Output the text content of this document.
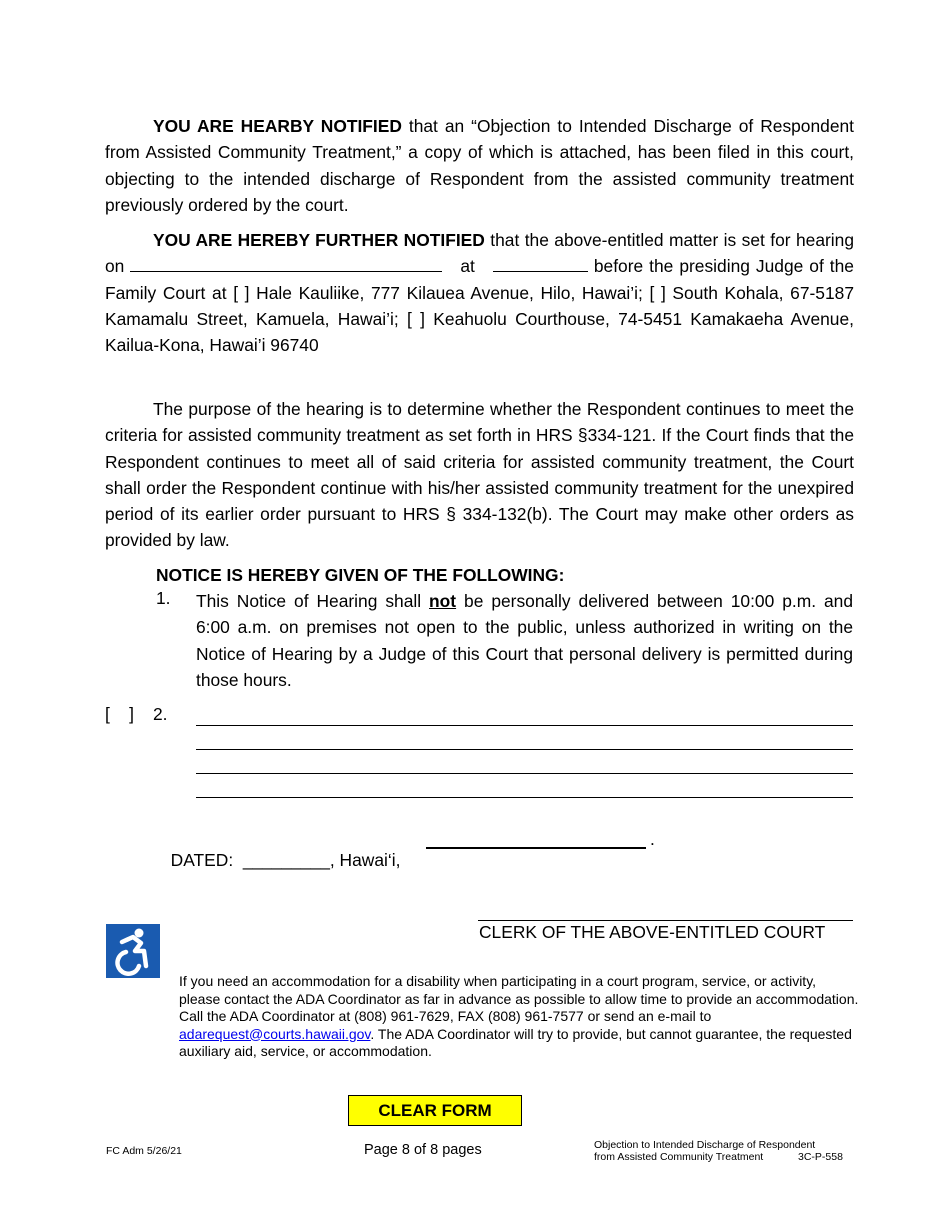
YOU ARE HEARBY NOTIFIED that an “Objection to Intended Discharge of Respondent from Assisted Community Treatment,” a copy of which is attached, has been filed in this court, objecting to the intended discharge of Respondent from the assisted community treatment previously ordered by the court.
YOU ARE HEREBY FURTHER NOTIFIED that the above-entitled matter is set for hearing on	at	before the presiding Judge of the Family Court at [ ] Hale Kauliike, 777 Kilauea Avenue, Hilo, Hawai’i; [ ] South Kohala, 67-5187 Kamamalu Street, Kamuela, Hawai’i; [ ] Keahuolu Courthouse, 74-5451 Kamakaeha Avenue, Kailua-Kona, Hawai’i 96740
The purpose of the hearing is to determine whether the Respondent continues to meet the criteria for assisted community treatment as set forth in HRS §334-121. If the Court finds that the Respondent continues to meet all of said criteria for assisted community treatment, the Court shall order the Respondent continue with his/her assisted community treatment for the unexpired period of its earlier order pursuant to HRS § 334-132(b). The Court may make other orders as provided by law.
NOTICE IS HEREBY GIVEN OF THE FOLLOWING:
1. This Notice of Hearing shall not be personally delivered between 10:00 p.m. and 6:00 a.m. on premises not open to the public, unless authorized in writing on the Notice of Hearing by a Judge of this Court that personal delivery is permitted during those hours.
[    ] 2.

DATED: _________, Hawai‘i,

.
CLERK OF THE ABOVE-ENTITLED COURT
If you need an accommodation for a disability when participating in a court program, service, or activity,
please contact the ADA Coordinator as far in advance as possible to allow time to provide an accommodation.
Call the ADA Coordinator at (808) 961-7629, FAX (808) 961-7577 or send an e-mail to
adarequest@courts.hawaii.gov. The ADA Coordinator will try to provide, but cannot guarantee, the requested
auxiliary aid, service, or accommodation.
CLEAR FORM
FC Adm 5/26/21	Page 8 of 8 pages	Objection to Intended Discharge of Respondent
from Assisted Community Treatment	3C-P-558
